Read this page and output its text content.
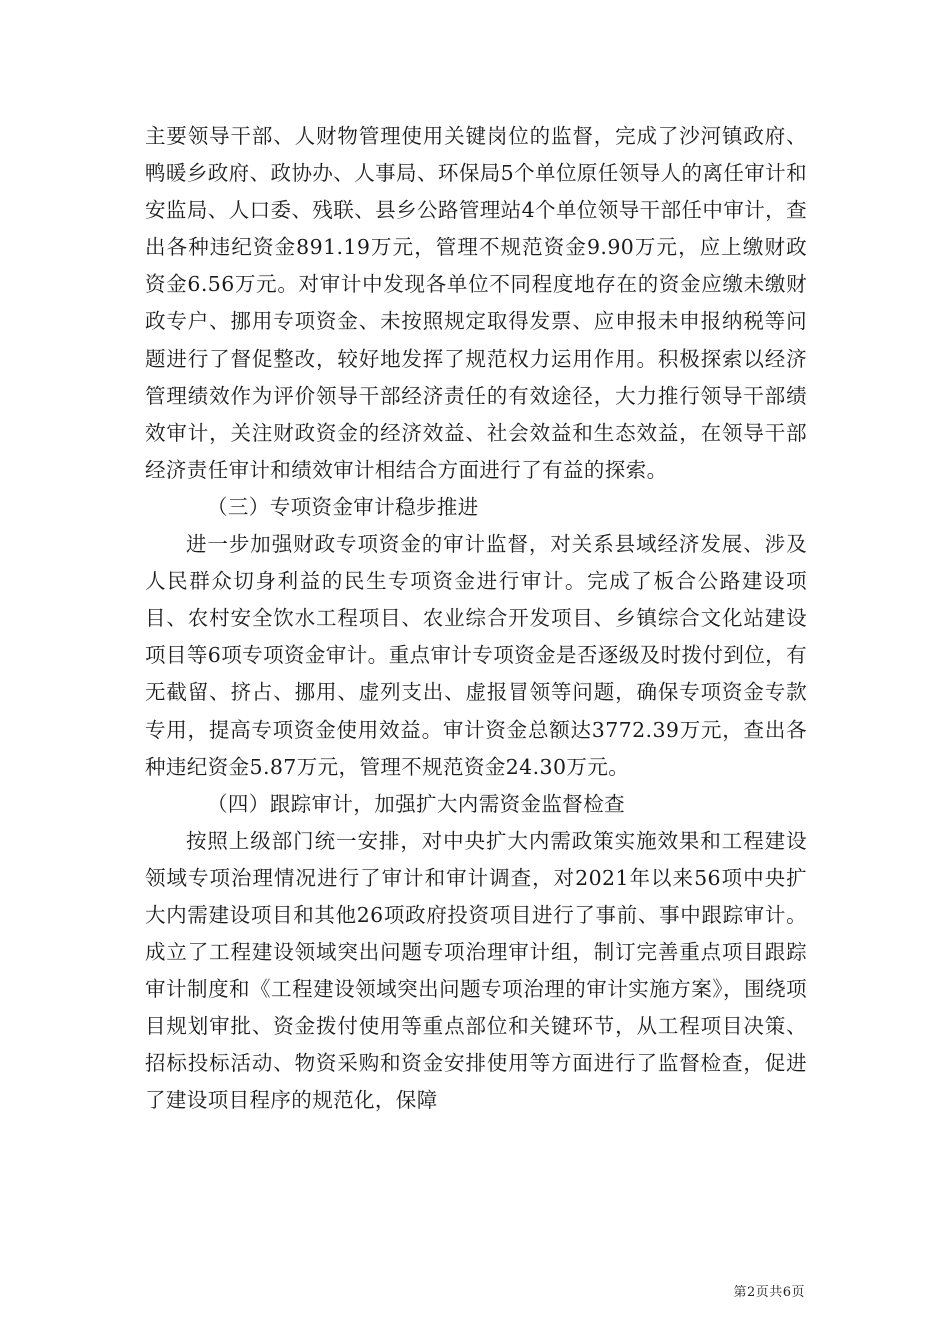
主要领导干部、人财物管理使用关键岗位的监督，完成了沙河镇政府、鸭暖乡政府、政协办、人事局、环保局5个单位原任领导人的离任审计和安监局、人口委、残联、县乡公路管理站4个单位领导干部任中审计，查出各种违纪资金891.19万元，管理不规范资金9.90万元，应上缴财政资金6.56万元。对审计中发现各单位不同程度地存在的资金应缴未缴财政专户、挪用专项资金、未按照规定取得发票、应申报未申报纳税等问题进行了督促整改，较好地发挥了规范权力运用作用。积极探索以经济管理绩效作为评价领导干部经济责任的有效途径，大力推行领导干部绩效审计，关注财政资金的经济效益、社会效益和生态效益，在领导干部经济责任审计和绩效审计相结合方面进行了有益的探索。

（三）专项资金审计稳步推进

进一步加强财政专项资金的审计监督，对关系县域经济发展、涉及人民群众切身利益的民生专项资金进行审计。完成了板合公路建设项目、农村安全饮水工程项目、农业综合开发项目、乡镇综合文化站建设项目等6项专项资金审计。重点审计专项资金是否逐级及时拨付到位，有无截留、挤占、挪用、虚列支出、虚报冒领等问题，确保专项资金专款专用，提高专项资金使用效益。审计资金总额达3772.39万元，查出各种违纪资金5.87万元，管理不规范资金24.30万元。

（四）跟踪审计，加强扩大内需资金监督检查

按照上级部门统一安排，对中央扩大内需政策实施效果和工程建设领域专项治理情况进行了审计和审计调查，对2021年以来56项中央扩大内需建设项目和其他26项政府投资项目进行了事前、事中跟踪审计。成立了工程建设领域突出问题专项治理审计组，制订完善重点项目跟踪审计制度和《工程建设领域突出问题专项治理的审计实施方案》，围绕项目规划审批、资金拨付使用等重点部位和关键环节，从工程项目决策、招标投标活动、物资采购和资金安排使用等方面进行了监督检查，促进了建设项目程序的规范化，保障

第2页共6页
